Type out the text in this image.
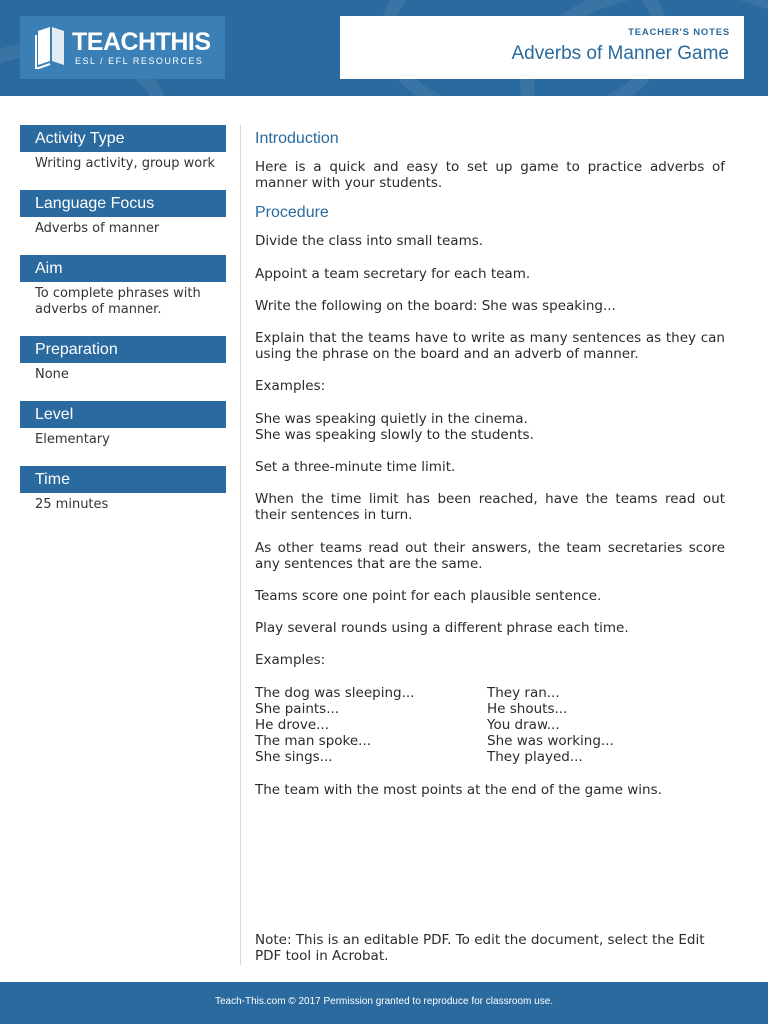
TEACHTHIS
ESL / EFL RESOURCES
TEACHER'S NOTES
Adverbs of Manner Game
Activity Type
Writing activity, group work
Language Focus
Adverbs of manner
Aim
To complete phrases with adverbs of manner.
Preparation
None
Level
Elementary
Time
25 minutes
Introduction

Here is a quick and easy to set up game to practice adverbs of manner with your students.

Procedure

Divide the class into small teams.

Appoint a team secretary for each team.

Write the following on the board: She was speaking...

Explain that the teams have to write as many sentences as they can using the phrase on the board and an adverb of manner.

Examples:

She was speaking quietly in the cinema.

She was speaking slowly to the students.

Set a three-minute time limit.

When the time limit has been reached, have the teams read out their sentences in turn.

As other teams read out their answers, the team secretaries score any sentences that are the same.

Teams score one point for each plausible sentence.

Play several rounds using a different phrase each time.

Examples:

The dog was sleeping...
She paints...
He drove...
The man spoke...
She sings...
They ran...
He shouts...
You draw...
She was working...
They played...

The team with the most points at the end of the game wins.

Note: This is an editable PDF. To edit the document, select the Edit PDF tool in Acrobat.
Teach-This.com © 2017 Permission granted to reproduce for classroom use.
